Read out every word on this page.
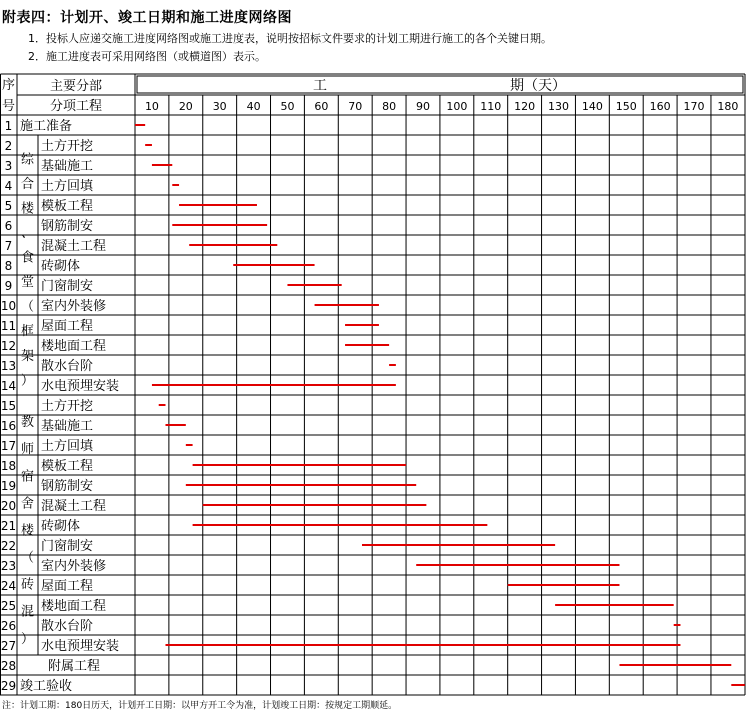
附表四：计划开、竣工日期和施工进度网络图
1．投标人应递交施工进度网络图或施工进度表，说明按招标文件要求的计划工期进行施工的各个关键日期。
2．施工进度表可采用网络图（或横道图）表示。
序
号
主要分部
分项工程
工	期（天）
10 20 30 40 50 60 70 80 90 100 110 120 130 140 150 160 170 180
综合楼、食堂（框架）
教师宿舍楼（砖混）
1 施工准备
2 土方开挖
3 基础施工
4 土方回填
5 模板工程
6 钢筋制安
7 混凝土工程
8 砖砌体
9 门窗制安
10 室内外装修
11 屋面工程
12 楼地面工程
13 散水台阶
14 水电预埋安装
15 土方开挖
16 基础施工
17 土方回填
18 模板工程
19 钢筋制安
20 混凝土工程
21 砖砌体
22 门窗制安
23 室内外装修
24 屋面工程
25 楼地面工程
26 散水台阶
27 水电预埋安装
28 附属工程
29 竣工验收
注：计划工期：180日历天，计划开工日期：以甲方开工令为准，计划竣工日期：按规定工期顺延。
